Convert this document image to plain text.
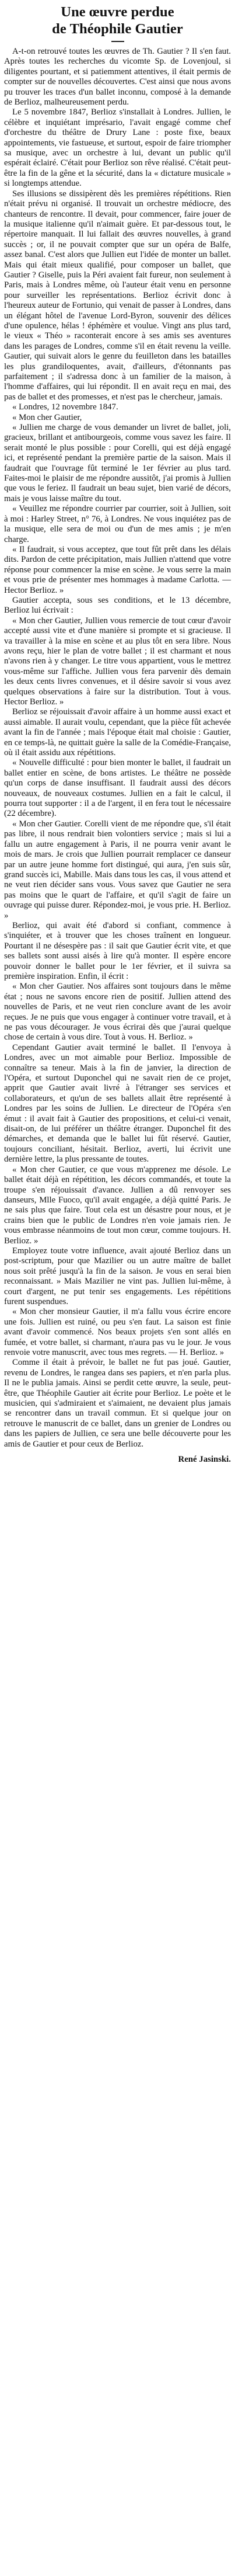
Une œuvre perdue
de Théophile Gautier

A-t-on retrouvé toutes les œuvres de Th. Gautier ? Il s'en faut. Après toutes les recherches du vicomte Sp. de Lovenjoul, si diligentes pourtant, et si patiemment attentives, il était permis de compter sur de nouvelles découvertes. C'est ainsi que nous avons pu trouver les traces d'un ballet inconnu, composé à la demande de Berlioz, malheureusement perdu.

Le 5 novembre 1847, Berlioz s'installait à Londres. Jullien, le célèbre et inquiétant imprésario, l'avait engagé comme chef d'orchestre du théâtre de Drury Lane : poste fixe, beaux appointements, vie fastueuse, et surtout, espoir de faire triompher sa musique, avec un orchestre à lui, devant un public qu'il espérait éclairé. C'était pour Berlioz son rêve réalisé. C'était peut-être la fin de la gêne et la sécurité, dans la « dictature musicale » si longtemps attendue.

Ses illusions se dissipèrent dès les premières répétitions. Rien n'était prévu ni organisé. Il trouvait un orchestre médiocre, des chanteurs de rencontre. Il devait, pour commencer, faire jouer de la musique italienne qu'il n'aimait guère. Et par-dessous tout, le répertoire manquait. Il lui fallait des œuvres nouvelles, à grand succès ; or, il ne pouvait compter que sur un opéra de Balfe, assez banal. C'est alors que Jullien eut l'idée de monter un ballet. Mais qui était mieux qualifié, pour composer un ballet, que Gautier ? Giselle, puis la Péri avaient fait fureur, non seulement à Paris, mais à Londres même, où l'auteur était venu en personne pour surveiller les représentations. Berlioz écrivit donc à l'heureux auteur de Fortunio, qui venait de passer à Londres, dans un élégant hôtel de l'avenue Lord-Byron, souvenir des délices d'une opulence, hélas ! éphémère et voulue. Vingt ans plus tard, le vieux « Théo » raconterait encore à ses amis ses aventures dans les parages de Londres, comme s'il en était revenu la veille. Gautier, qui suivait alors le genre du feuilleton dans les batailles les plus grandiloquentes, avait, d'ailleurs, d'étonnants pas parfaitement ; il s'adressa donc à un familier de la maison, à l'homme d'affaires, qui lui répondit. Il en avait reçu en mai, des pas de ballet et des promesses, et n'est pas le chercheur, jamais.

« Londres, 12 novembre 1847.

« Mon cher Gautier,

« Jullien me charge de vous demander un livret de ballet, joli, gracieux, brillant et antibourgeois, comme vous savez les faire. Il serait monté le plus possible : pour Corelli, qui est déjà engagé ici, et représenté pendant la première partie de la saison. Mais il faudrait que l'ouvrage fût terminé le 1er février au plus tard. Faites-moi le plaisir de me répondre aussitôt, j'ai promis à Jullien que vous le feriez. Il faudrait un beau sujet, bien varié de décors, mais je vous laisse maître du tout.

« Veuillez me répondre courrier par courrier, soit à Jullien, soit à moi : Harley Street, n° 76, à Londres. Ne vous inquiétez pas de la musique, elle sera de moi ou d'un de mes amis ; je m'en charge.

« Il faudrait, si vous acceptez, que tout fût prêt dans les délais dits. Pardon de cette précipitation, mais Jullien n'attend que votre réponse pour commencer la mise en scène. Je vous serre la main et vous prie de présenter mes hommages à madame Carlotta. — Hector Berlioz. »

Gautier accepta, sous ses conditions, et le 13 décembre, Berlioz lui écrivait :

« Mon cher Gautier, Jullien vous remercie de tout cœur d'avoir accepté aussi vite et d'une manière si prompte et si gracieuse. Il va travailler à la mise en scène et au plus tôt en sera libre. Nous avons reçu, hier le plan de votre ballet ; il est charmant et nous n'avons rien à y changer. Le titre vous appartient, vous le mettrez vous-même sur l'affiche. Jullien vous fera parvenir dès demain les deux cents livres convenues, et il désire savoir si vous avez quelques observations à faire sur la distribution. Tout à vous. Hector Berlioz. »

Berlioz se réjouissait d'avoir affaire à un homme aussi exact et aussi aimable. Il aurait voulu, cependant, que la pièce fût achevée avant la fin de l'année ; mais l'époque était mal choisie : Gautier, en ce temps-là, ne quittait guère la salle de la Comédie-Française, où il était assidu aux répétitions.

« Nouvelle difficulté : pour bien monter le ballet, il faudrait un ballet entier en scène, de bons artistes. Le théâtre ne possède qu'un corps de danse insuffisant. Il faudrait aussi des décors nouveaux, de nouveaux costumes. Jullien en a fait le calcul, il pourra tout supporter : il a de l'argent, il en fera tout le nécessaire (22 décembre).

« Mon cher Gautier. Corelli vient de me répondre que, s'il était pas libre, il nous rendrait bien volontiers service ; mais si lui a fallu un autre engagement à Paris, il ne pourra venir avant le mois de mars. Je crois que Jullien pourrait remplacer ce danseur par un autre jeune homme fort distingué, qui aura, j'en suis sûr, grand succès ici, Mabille. Mais dans tous les cas, il vous attend et ne veut rien décider sans vous. Vous savez que Gautier ne sera pas moins que le quart de l'affaire, et qu'il s'agit de faire un ouvrage qui puisse durer. Répondez-moi, je vous prie. H. Berlioz. »

Berlioz, qui avait été d'abord si confiant, commence à s'inquiéter, et à trouver que les choses traînent en longueur. Pourtant il ne désespère pas : il sait que Gautier écrit vite, et que ses ballets sont aussi aisés à lire qu'à monter. Il espère encore pouvoir donner le ballet pour le 1er février, et il suivra sa première inspiration. Enfin, il écrit :

« Mon cher Gautier. Nos affaires sont toujours dans le même état ; nous ne savons encore rien de positif. Jullien attend des nouvelles de Paris, et ne veut rien conclure avant de les avoir reçues. Je ne puis que vous engager à continuer votre travail, et à ne pas vous décourager. Je vous écrirai dès que j'aurai quelque chose de certain à vous dire. Tout à vous. H. Berlioz. »

Cependant Gautier avait terminé le ballet. Il l'envoya à Londres, avec un mot aimable pour Berlioz. Impossible de connaître sa teneur. Mais à la fin de janvier, la direction de l'Opéra, et surtout Duponchel qui ne savait rien de ce projet, apprit que Gautier avait livré à l'étranger ses services et collaborateurs, et qu'un de ses ballets allait être représenté à Londres par les soins de Jullien. Le directeur de l'Opéra s'en émut : il avait fait à Gautier des propositions, et celui-ci venait, disait-on, de lui préférer un théâtre étranger. Duponchel fit des démarches, et demanda que le ballet lui fût réservé. Gautier, toujours conciliant, hésitait. Berlioz, averti, lui écrivit une dernière lettre, la plus pressante de toutes.

« Mon cher Gautier, ce que vous m'apprenez me désole. Le ballet était déjà en répétition, les décors commandés, et toute la troupe s'en réjouissait d'avance. Jullien a dû renvoyer ses danseurs, Mlle Fuoco, qu'il avait engagée, a déjà quitté Paris. Je ne sais plus que faire. Tout cela est un désastre pour nous, et je crains bien que le public de Londres n'en voie jamais rien. Je vous embrasse néanmoins de tout mon cœur, comme toujours. H. Berlioz. »

Employez toute votre influence, avait ajouté Berlioz dans un post-scriptum, pour que Mazilier ou un autre maître de ballet nous soit prêté jusqu'à la fin de la saison. Je vous en serai bien reconnaissant. » Mais Mazilier ne vint pas. Jullien lui-même, à court d'argent, ne put tenir ses engagements. Les répétitions furent suspendues.

« Mon cher monsieur Gautier, il m'a fallu vous écrire encore une fois. Jullien est ruiné, ou peu s'en faut. La saison est finie avant d'avoir commencé. Nos beaux projets s'en sont allés en fumée, et votre ballet, si charmant, n'aura pas vu le jour. Je vous renvoie votre manuscrit, avec tous mes regrets. — H. Berlioz. »

Comme il était à prévoir, le ballet ne fut pas joué. Gautier, revenu de Londres, le rangea dans ses papiers, et n'en parla plus. Il ne le publia jamais. Ainsi se perdit cette œuvre, la seule, peut-être, que Théophile Gautier ait écrite pour Berlioz. Le poète et le musicien, qui s'admiraient et s'aimaient, ne devaient plus jamais se rencontrer dans un travail commun. Et si quelque jour on retrouve le manuscrit de ce ballet, dans un grenier de Londres ou dans les papiers de Jullien, ce sera une belle découverte pour les amis de Gautier et pour ceux de Berlioz.

René Jasinski.
